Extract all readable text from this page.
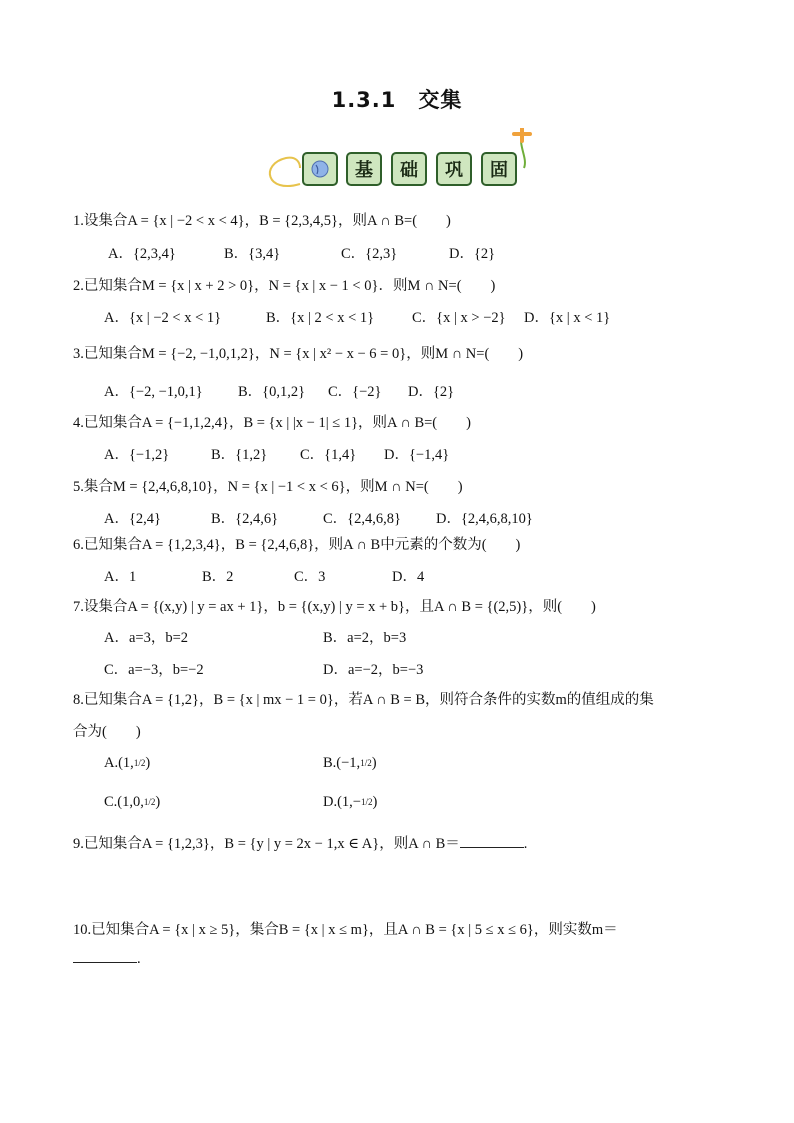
1.3.1　交集
基	础	巩	固
1.设集合A = {x | −2 < x < 4}，B = {2,3,4,5}，则A ∩ B=(　　)
A．{2,3,4}	B．{3,4}	C．{2,3}	D．{2}
2.已知集合M = {x | x + 2 > 0}，N = {x | x − 1 < 0}．则M ∩ N=(　　)
A．{x | −2 < x < 1}	B．{x | 2 < x < 1}	C．{x | x > −2} D．{x | x < 1}
3.已知集合M = {−2, −1,0,1,2}，N = {x | x² − x − 6 = 0}，则M ∩ N=(　　)
A．{−2, −1,0,1} B．{0,1,2} C．{−2} D．{2}
4.已知集合A = {−1,1,2,4}，B = {x | |x − 1| ≤ 1}，则A ∩ B=(　　)
A．{−1,2}	B．{1,2} C．{1,4} D．{−1,4}
5.集合M = {2,4,6,8,10}，N = {x | −1 < x < 6}，则M ∩ N=(　　)
A．{2,4}	B．{2,4,6}	C．{2,4,6,8} D．{2,4,6,8,10}
6.已知集合A = {1,2,3,4}，B = {2,4,6,8}，则A ∩ B中元素的个数为(　　)
A．1	B．2	C．3	D．4
7.设集合A = {(x,y) | y = ax + 1}，b = {(x,y) | y = x + b}，且A ∩ B = {(2,5)}，则(　　)
A．a=3，b=2	B．a=2，b=3
C．a=−3，b=−2	D．a=−2，b=−3
8.已知集合A = {1,2}，B = {x | mx − 1 = 0}，若A ∩ B = B，则符合条件的实数m的值组成的集
合为(　　)
A.(1,1/2)	B.(−1,1/2)
C.(1,0,1/2)	D.(1,−1/2)
9.已知集合A = {1,2,3}，B = {y | y = 2x − 1,x ∈ A}，则A ∩ B＝	.
10.已知集合A = {x | x ≥ 5}，集合B = {x | x ≤ m}，且A ∩ B = {x | 5 ≤ x ≤ 6}，则实数m＝
.
